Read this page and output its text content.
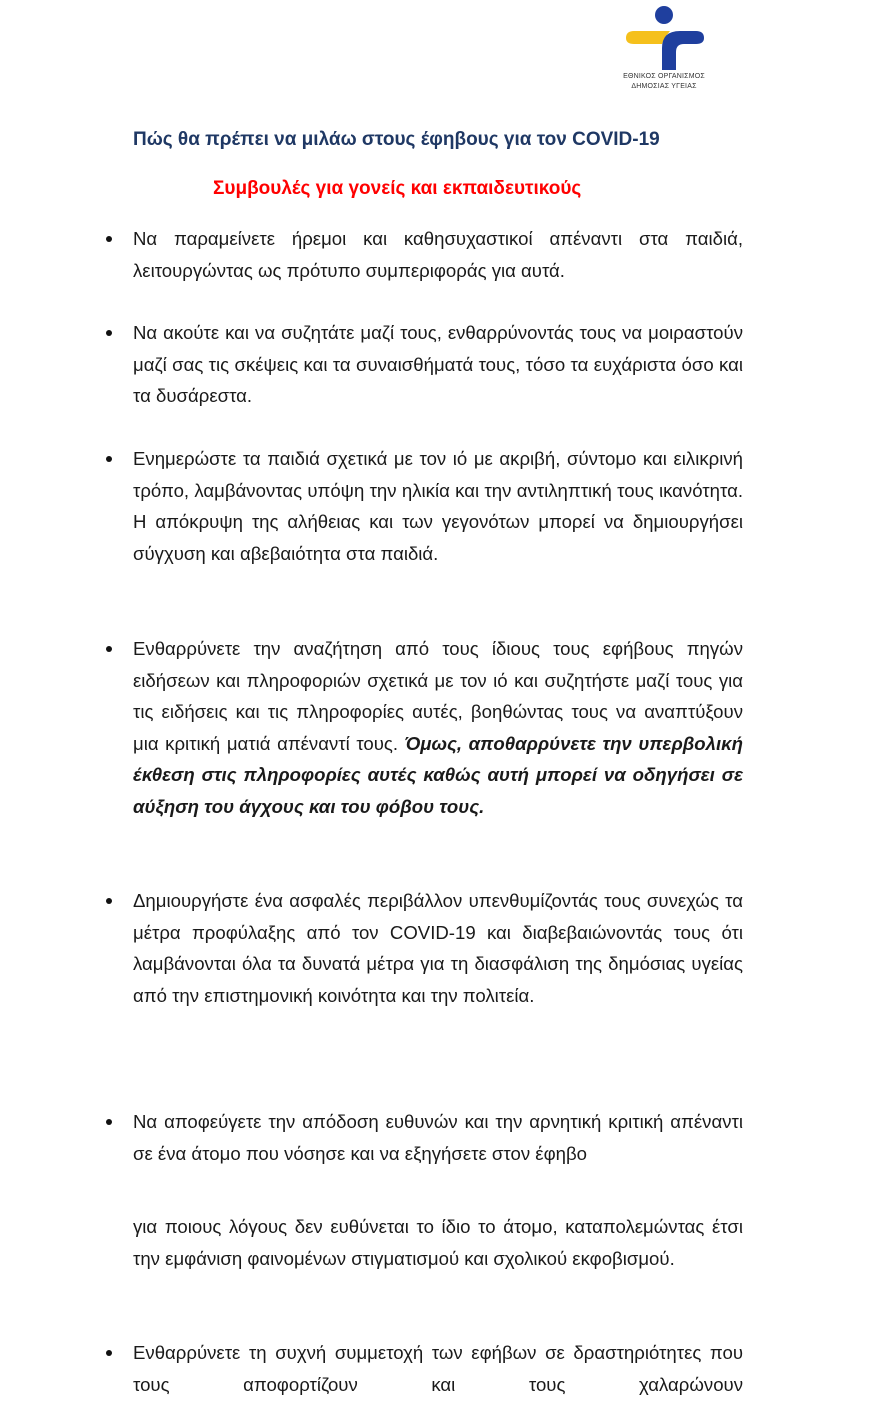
ΕΘΝΙΚΟΣ ΟΡΓΑΝΙΣΜΟΣ
ΔΗΜΟΣΙΑΣ ΥΓΕΙΑΣ
Πώς θα πρέπει να μιλάω στους έφηβους για τον COVID-19
Συμβουλές για γονείς και εκπαιδευτικούς
Να παραμείνετε ήρεμοι και καθησυχαστικοί απέναντι στα παιδιά, λειτουργώντας ως πρότυπο συμπεριφοράς για αυτά.
Να ακούτε και να συζητάτε μαζί τους, ενθαρρύνοντάς τους να μοιραστούν μαζί σας τις σκέψεις και τα συναισθήματά τους, τόσο τα ευχάριστα όσο και τα δυσάρεστα.
Ενημερώστε τα παιδιά σχετικά με τον ιό με ακριβή, σύντομο και ειλικρινή τρόπο, λαμβάνοντας υπόψη την ηλικία και την αντιληπτική τους ικανότητα. Η απόκρυψη της αλήθειας και των γεγονότων μπορεί να δημιουργήσει σύγχυση και αβεβαιότητα στα παιδιά.
Ενθαρρύνετε την αναζήτηση από τους ίδιους τους εφήβους πηγών ειδήσεων και πληροφοριών σχετικά με τον ιό και συζητήστε μαζί τους για τις ειδήσεις και τις πληροφορίες αυτές, βοηθώντας τους να αναπτύξουν μια κριτική ματιά απέναντί τους. Όμως, αποθαρρύνετε την υπερβολική έκθεση στις πληροφορίες αυτές καθώς αυτή μπορεί να οδηγήσει σε αύξηση του άγχους και του φόβου τους.
Δημιουργήστε ένα ασφαλές περιβάλλον υπενθυμίζοντάς τους συνεχώς τα μέτρα προφύλαξης από τον COVID-19 και διαβεβαιώνοντάς τους ότι λαμβάνονται όλα τα δυνατά μέτρα για τη διασφάλιση της δημόσιας υγείας από την επιστημονική κοινότητα και την πολιτεία.
Να αποφεύγετε την απόδοση ευθυνών και την αρνητική κριτική απέναντι σε ένα άτομο που νόσησε και να εξηγήσετε στον έφηβο
για ποιους λόγους δεν ευθύνεται το ίδιο το άτομο, καταπολεμώντας έτσι την εμφάνιση φαινομένων στιγματισμού και σχολικού εκφοβισμού.
Ενθαρρύνετε τη συχνή συμμετοχή των εφήβων σε δραστηριότητες που τους αποφορτίζουν και τους χαλαρώνουν
